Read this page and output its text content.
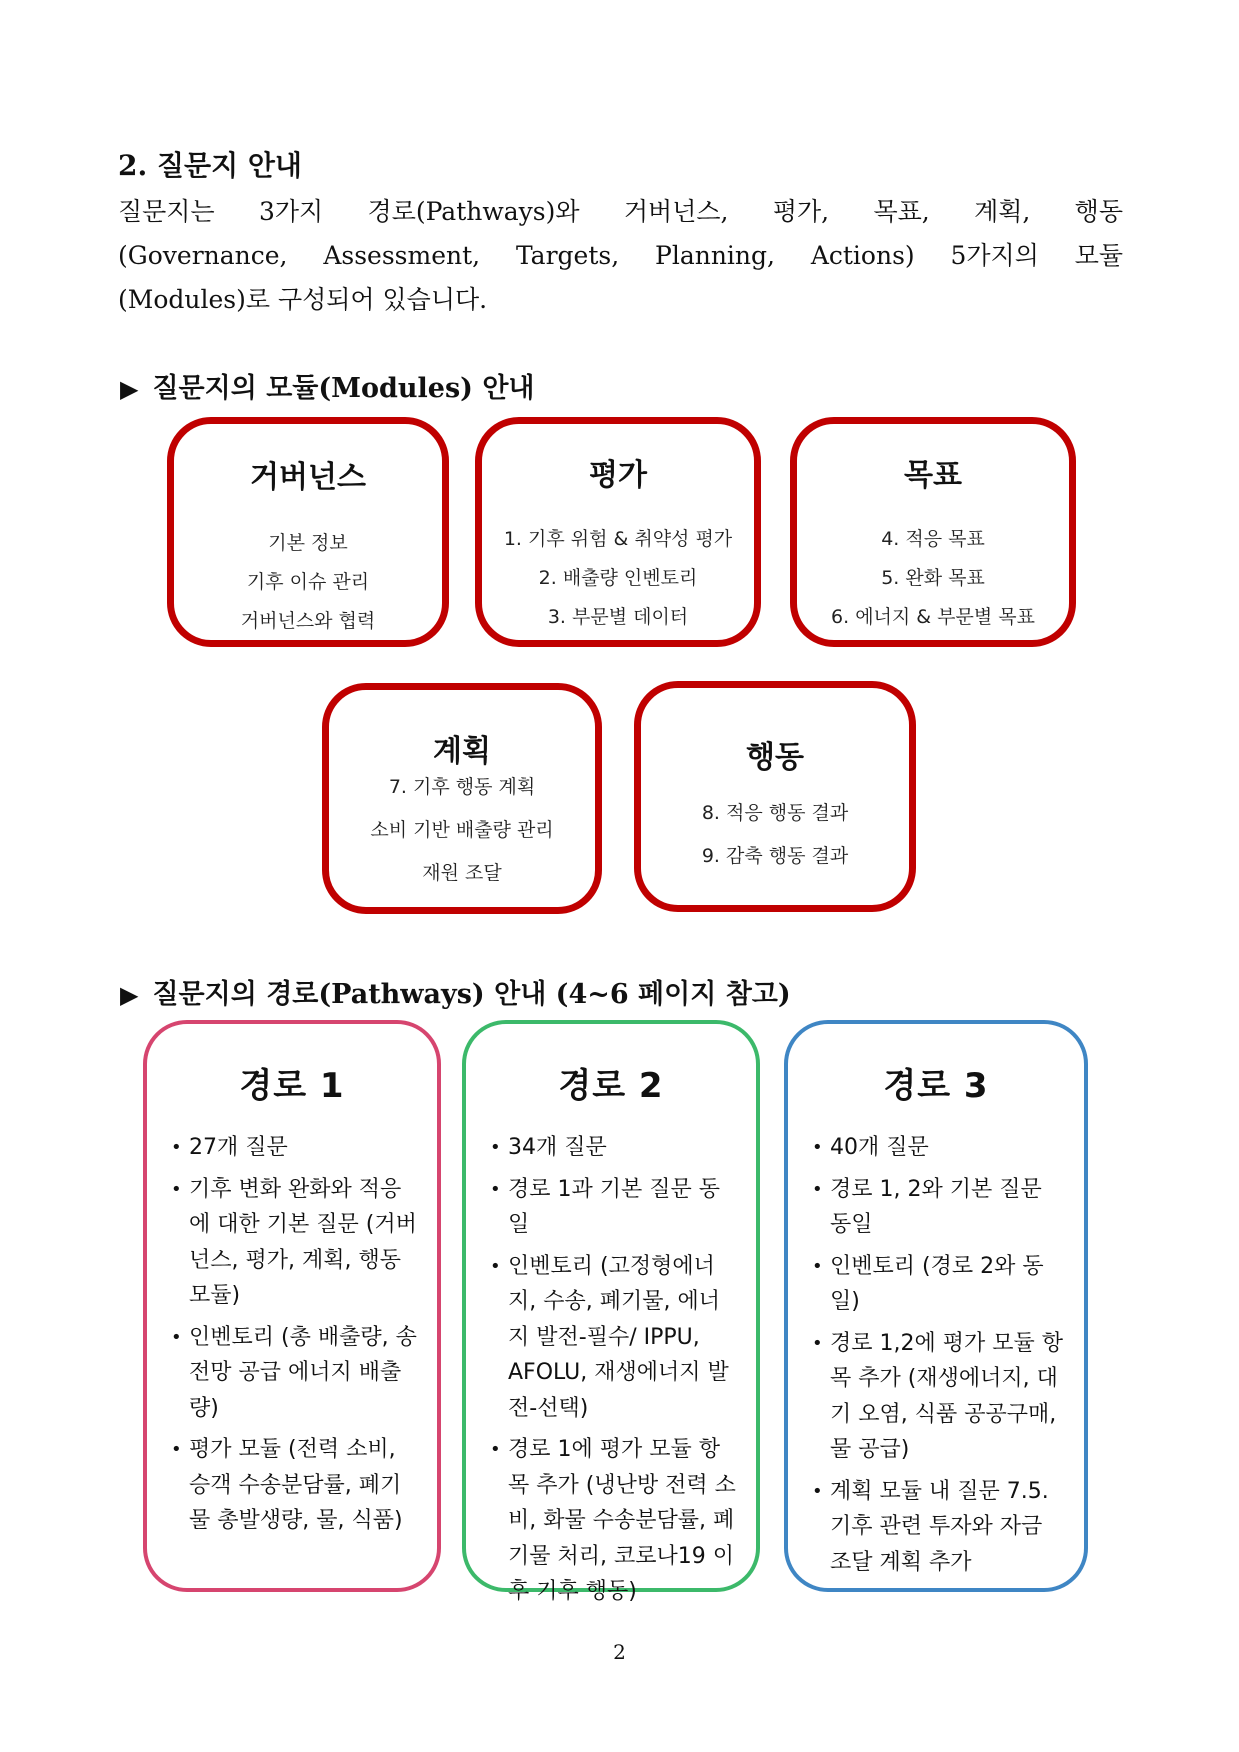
2. 질문지 안내
질문지는 3가지 경로(Pathways)와 거버넌스, 평가, 목표, 계획, 행동
(Governance, Assessment, Targets, Planning, Actions) 5가지의 모듈
(Modules)로 구성되어 있습니다.
▶ 질문지의 모듈(Modules) 안내
거버넌스
기본 정보
기후 이슈 관리
거버넌스와 협력
평가
1. 기후 위험 & 취약성 평가
2. 배출량 인벤토리
3. 부문별 데이터
목표
4. 적응 목표
5. 완화 목표
6. 에너지 & 부문별 목표
계획
7. 기후 행동 계획
소비 기반 배출량 관리
재원 조달
행동
8. 적응 행동 결과
9. 감축 행동 결과
▶ 질문지의 경로(Pathways) 안내 (4~6 페이지 참고)
경로 1
• 27개 질문
• 기후 변화 완화와 적응에 대한 기본 질문 (거버넌스, 평가, 계획, 행동 모듈)
• 인벤토리 (총 배출량, 송전망 공급 에너지 배출량)
• 평가 모듈 (전력 소비, 승객 수송분담률, 폐기물 총발생량, 물, 식품)
경로 2
• 34개 질문
• 경로 1과 기본 질문 동일
• 인벤토리 (고정형에너지, 수송, 폐기물, 에너지 발전-필수/ IPPU, AFOLU, 재생에너지 발전-선택)
• 경로 1에 평가 모듈 항목 추가 (냉난방 전력 소비, 화물 수송분담률, 폐기물 처리, 코로나19 이후 기후 행동)
경로 3
• 40개 질문
• 경로 1, 2와 기본 질문 동일
• 인벤토리 (경로 2와 동일)
• 경로 1,2에 평가 모듈 항목 추가 (재생에너지, 대기 오염, 식품 공공구매, 물 공급)
• 계획 모듈 내 질문 7.5. 기후 관련 투자와 자금 조달 계획 추가
2
